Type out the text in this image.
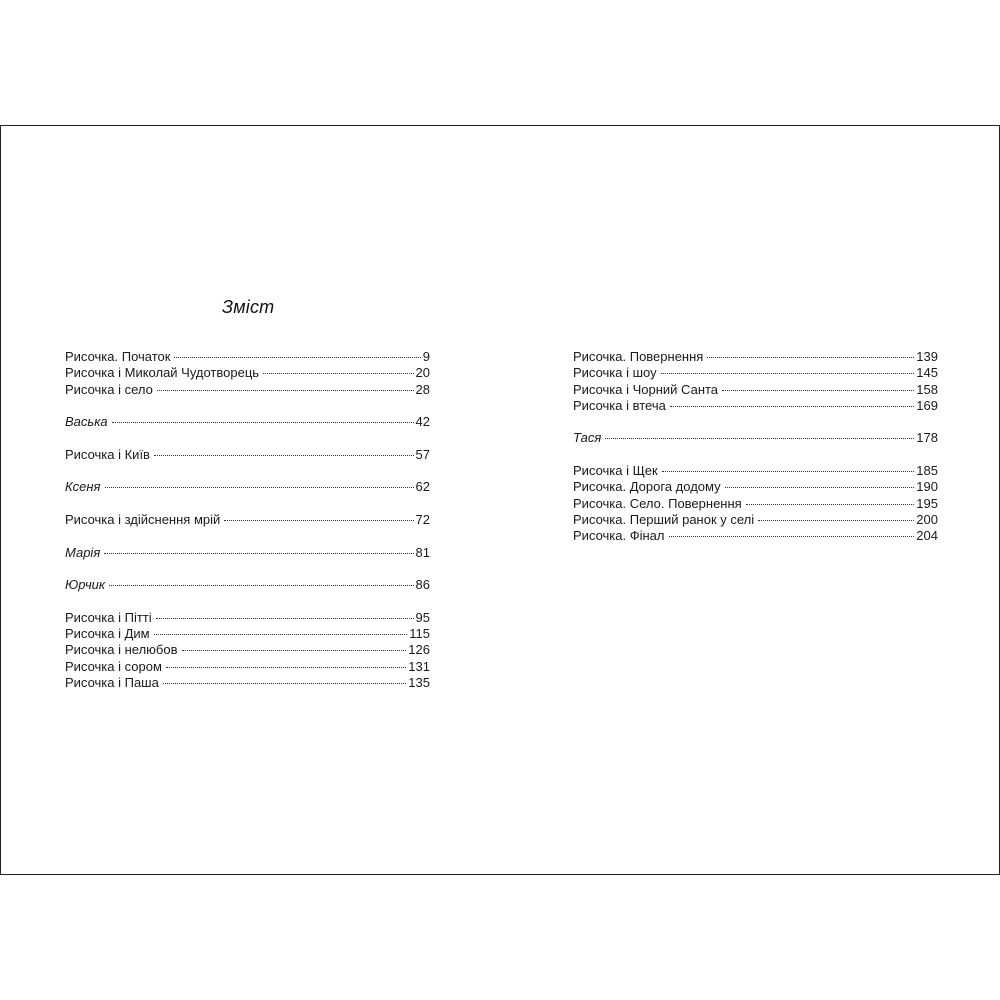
Зміст
Рисочка. Початок	9
Рисочка і Миколай Чудотворець	20
Рисочка і село	28
Васька	42
Рисочка і Київ	57
Ксеня	62
Рисочка і здійснення мрій	72
Марія	81
Юрчик	86
Рисочка і Пітті	95
Рисочка і Дим	115
Рисочка і нелюбов	126
Рисочка і сором	131
Рисочка і Паша	135
Рисочка. Повернення	139
Рисочка і шоу	145
Рисочка і Чорний Санта	158
Рисочка і втеча	169
Тася	178
Рисочка і Щек	185
Рисочка. Дорога додому	190
Рисочка. Село. Повернення	195
Рисочка. Перший ранок у селі	200
Рисочка. Фінал	204
